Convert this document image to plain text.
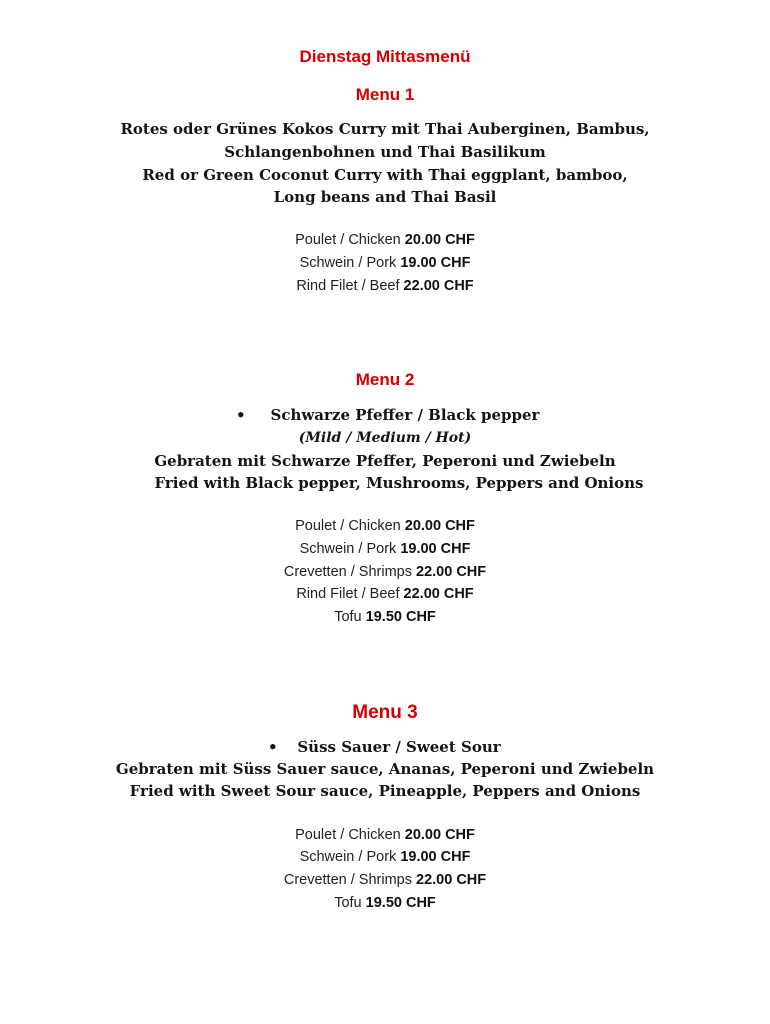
Dienstag Mittasmenü
Menu 1
Rotes oder Grünes Kokos Curry mit Thai Auberginen, Bambus,
Schlangenbohnen und Thai Basilikum
Red or Green Coconut Curry with Thai eggplant, bamboo,
Long beans and Thai Basil
Poulet / Chicken 20.00 CHF
Schwein / Pork 19.00 CHF
Rind Filet / Beef 22.00 CHF
Menu 2
•	Schwarze Pfeffer / Black pepper
(Mild / Medium / Hot)
Gebraten mit Schwarze Pfeffer, Peperoni und Zwiebeln
Fried with Black pepper, Mushrooms, Peppers and Onions
Poulet / Chicken 20.00 CHF
Schwein / Pork 19.00 CHF
Crevetten / Shrimps 22.00 CHF
Rind Filet / Beef 22.00 CHF
Tofu 19.50 CHF
Menu 3
•	Süss Sauer / Sweet Sour
Gebraten mit Süss Sauer sauce, Ananas, Peperoni und Zwiebeln
Fried with Sweet Sour sauce, Pineapple, Peppers and Onions
Poulet / Chicken 20.00 CHF
Schwein / Pork 19.00 CHF
Crevetten / Shrimps 22.00 CHF
Tofu 19.50 CHF
